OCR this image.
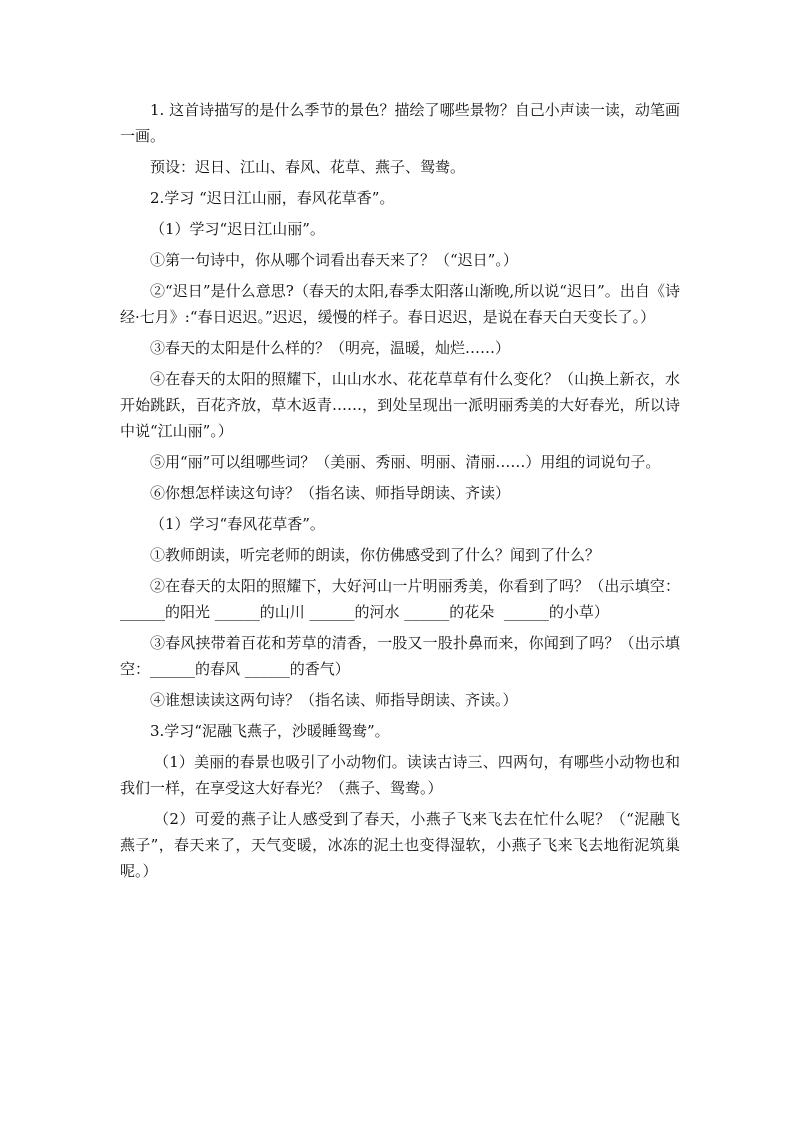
1. 这首诗描写的是什么季节的景色？描绘了哪些景物？自己小声读一读，动笔画一画。

预设：迟日、江山、春风、花草、燕子、鸳鸯。

2.学习 “迟日江山丽，春风花草香”。

（1）学习“迟日江山丽”。

①第一句诗中，你从哪个词看出春天来了？（“迟日”。）

②“迟日”是什么意思?（春天的太阳,春季太阳落山渐晚,所以说“迟日”。出自《诗经·七月》:“春日迟迟。”迟迟，缓慢的样子。春日迟迟，是说在春天白天变长了。）

③春天的太阳是什么样的？（明亮，温暖，灿烂……）

④在春天的太阳的照耀下，山山水水、花花草草有什么变化？（山换上新衣，水开始跳跃，百花齐放，草木返青……，到处呈现出一派明丽秀美的大好春光，所以诗中说“江山丽”。）

⑤用“丽”可以组哪些词？（美丽、秀丽、明丽、清丽……）用组的词说句子。

⑥你想怎样读这句诗？（指名读、师指导朗读、齐读）

（1）学习“春风花草香”。

①教师朗读，听完老师的朗读，你仿佛感受到了什么？闻到了什么？

②在春天的太阳的照耀下，大好河山一片明丽秀美，你看到了吗？（出示填空：______的阳光 ______的山川 ______的河水 ______的花朵  ______的小草）

③春风挟带着百花和芳草的清香，一股又一股扑鼻而来，你闻到了吗？（出示填空：______的春风 ______的香气）

④谁想读读这两句诗？（指名读、师指导朗读、齐读。）

3.学习“泥融飞燕子，沙暖睡鸳鸯”。

（1）美丽的春景也吸引了小动物们。读读古诗三、四两句，有哪些小动物也和我们一样，在享受这大好春光？（燕子、鸳鸯。）

（2）可爱的燕子让人感受到了春天，小燕子飞来飞去在忙什么呢？（“泥融飞燕子”，春天来了，天气变暖，冰冻的泥土也变得湿软，小燕子飞来飞去地衔泥筑巢呢。）
